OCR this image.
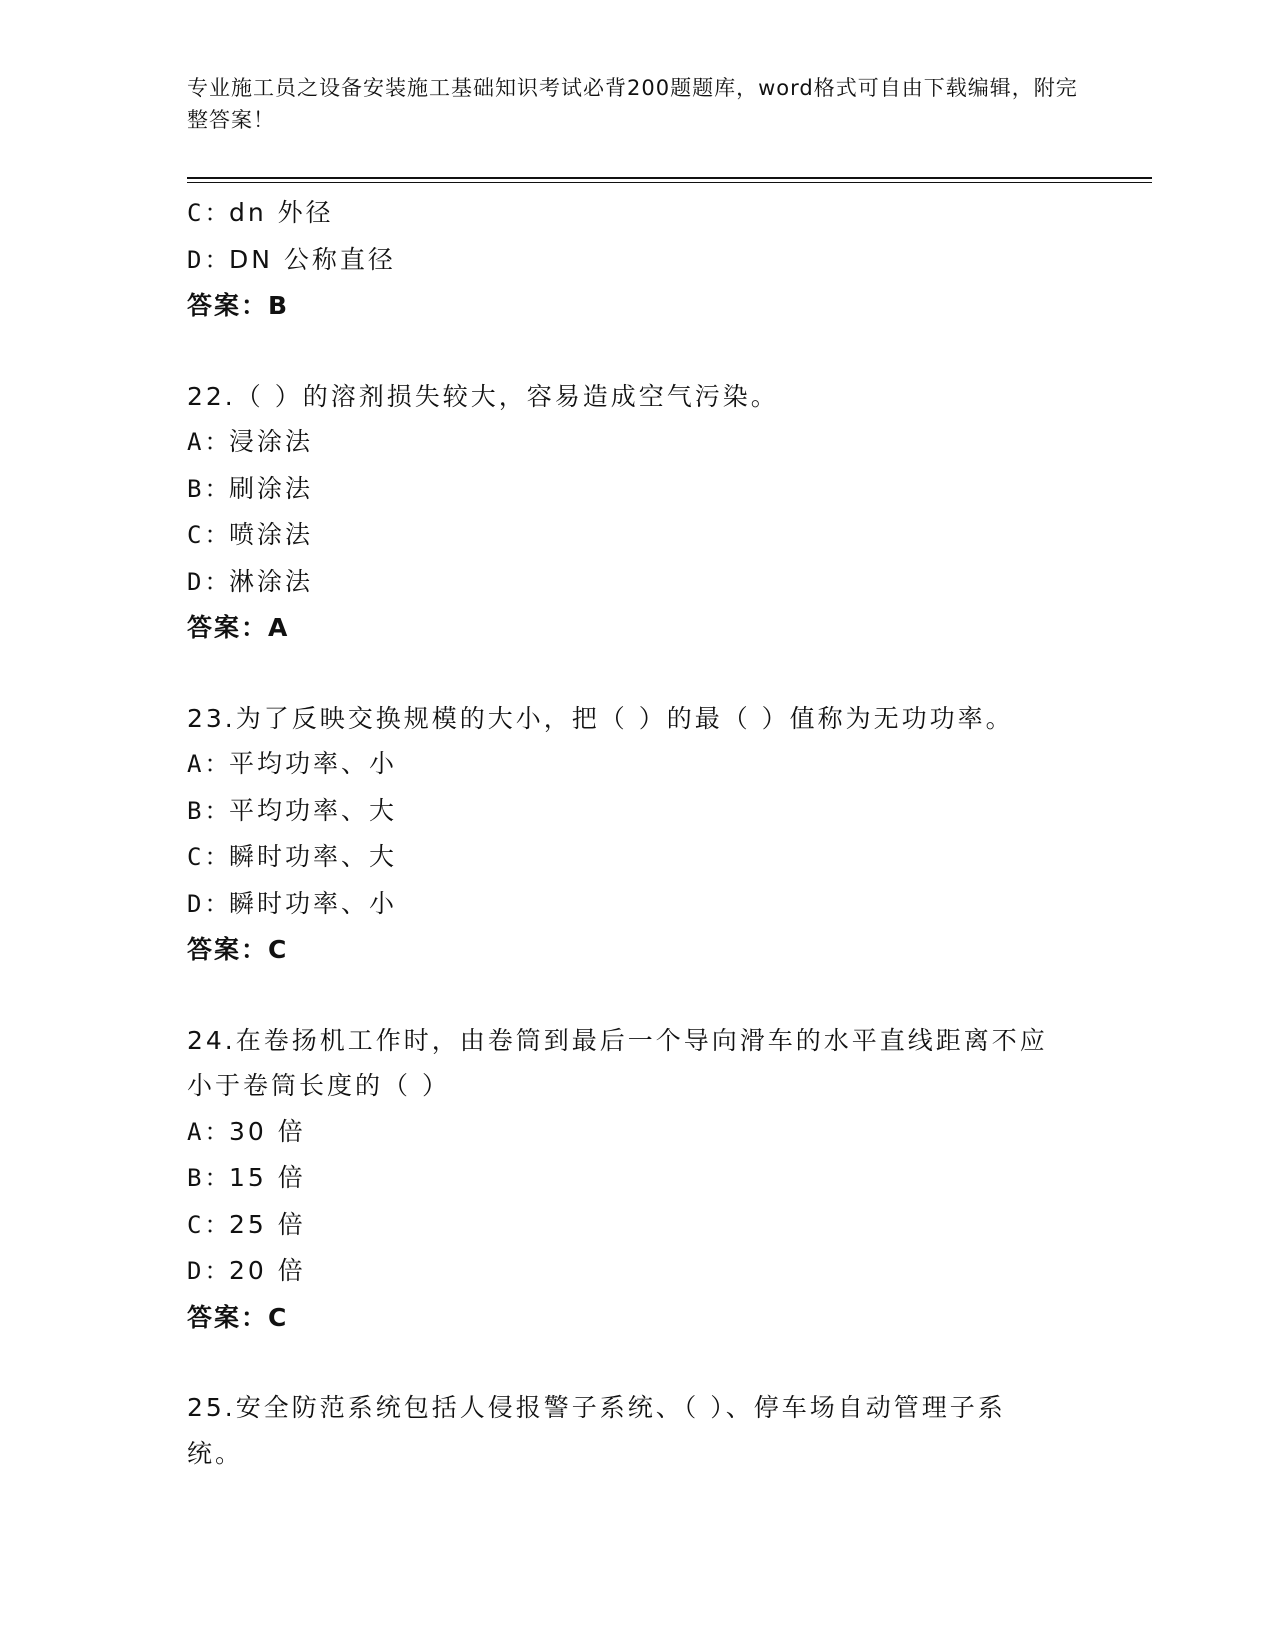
专业施工员之设备安装施工基础知识考试必背200题题库，word格式可自由下载编辑，附完整答案！
C：dn 外径
D：DN 公称直径
答案：B
22.（ ）的溶剂损失较大，容易造成空气污染。
A：浸涂法
B：刷涂法
C：喷涂法
D：淋涂法
答案：A
23.为了反映交换规模的大小，把（ ）的最（ ）值称为无功功率。
A：平均功率、小
B：平均功率、大
C：瞬时功率、大
D：瞬时功率、小
答案：C
24.在卷扬机工作时，由卷筒到最后一个导向滑车的水平直线距离不应
小于卷筒长度的（ ）
A：30 倍
B：15 倍
C：25 倍
D：20 倍
答案：C
25.安全防范系统包括人侵报警子系统、（ ）、停车场自动管理子系
统。
